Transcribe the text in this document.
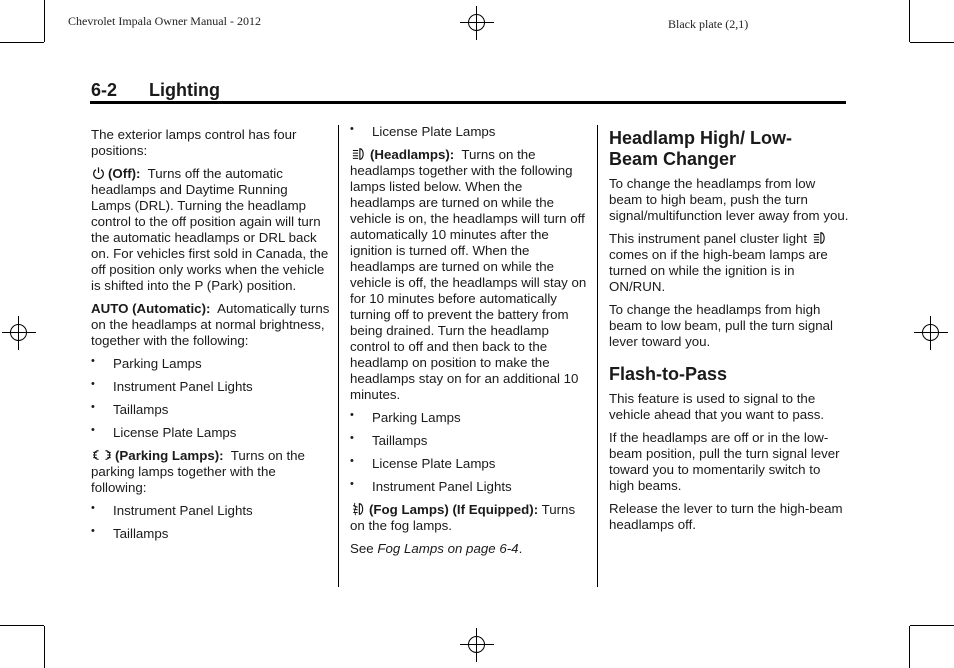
Chevrolet Impala Owner Manual - 2012	Black plate (2,1)
6-2 Lighting

The exterior lamps control has four positions:

(Off): Turns off the automatic headlamps and Daytime Running Lamps (DRL). Turning the headlamp control to the off position again will turn the automatic headlamps or DRL back on. For vehicles first sold in Canada, the off position only works when the vehicle is shifted into the P (Park) position.

AUTO (Automatic): Automatically turns on the headlamps at normal brightness, together with the following:

• Parking Lamps
• Instrument Panel Lights
• Taillamps
• License Plate Lamps

(Parking Lamps): Turns on the parking lamps together with the following:

• Instrument Panel Lights
• Taillamps
• License Plate Lamps

(Headlamps): Turns on the headlamps together with the following lamps listed below. When the headlamps are turned on while the vehicle is on, the headlamps will turn off automatically 10 minutes after the ignition is turned off. When the headlamps are turned on while the vehicle is off, the headlamps will stay on for 10 minutes before automatically turning off to prevent the battery from being drained. Turn the headlamp control to off and then back to the headlamp on position to make the headlamps stay on for an additional 10 minutes.

• Parking Lamps
• Taillamps
• License Plate Lamps
• Instrument Panel Lights

(Fog Lamps) (If Equipped): Turns on the fog lamps.

See Fog Lamps on page 6-4.

Headlamp High/ Low-Beam Changer

To change the headlamps from low beam to high beam, push the turn signal/multifunction lever away from you.

This instrument panel cluster light  comes on if the high-beam lamps are turned on while the ignition is in ON/RUN.

To change the headlamps from high beam to low beam, pull the turn signal lever toward you.

Flash-to-Pass

This feature is used to signal to the vehicle ahead that you want to pass.

If the headlamps are off or in the low-beam position, pull the turn signal lever toward you to momentarily switch to high beams.

Release the lever to turn the high-beam headlamps off.
